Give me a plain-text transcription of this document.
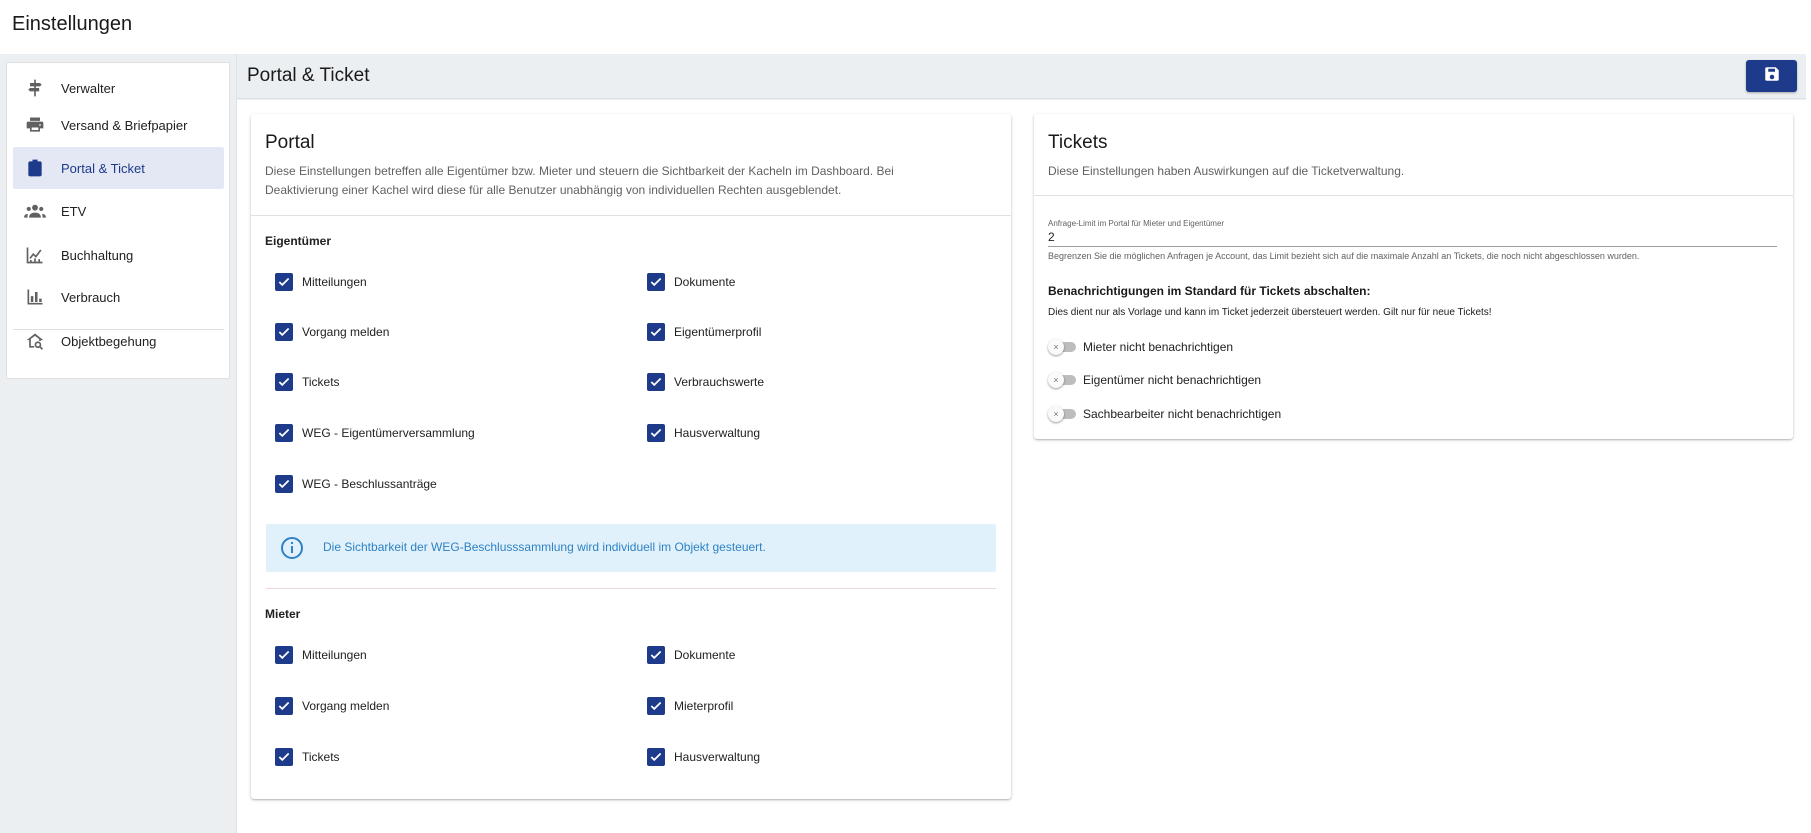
Einstellungen
Verwalter
Versand & Briefpapier
Portal & Ticket
ETV
Buchhaltung
Verbrauch
Objektbegehung
Portal & Ticket
Portal
Diese Einstellungen betreffen alle Eigentümer bzw. Mieter und steuern die Sichtbarkeit der Kacheln im Dashboard. Bei
Deaktivierung einer Kachel wird diese für alle Benutzer unabhängig von individuellen Rechten ausgeblendet.
Eigentümer
Mitteilungen	Dokumente
Vorgang melden	Eigentümerprofil
Tickets	Verbrauchswerte
WEG - Eigentümerversammlung	Hausverwaltung
WEG - Beschlussanträge
Die Sichtbarkeit der WEG-Beschlusssammlung wird individuell im Objekt gesteuert.
Mieter
Mitteilungen	Dokumente
Vorgang melden	Mieterprofil
Tickets	Hausverwaltung
Tickets
Diese Einstellungen haben Auswirkungen auf die Ticketverwaltung.
Anfrage-Limit im Portal für Mieter und Eigentümer
2
Begrenzen Sie die möglichen Anfragen je Account, das Limit bezieht sich auf die maximale Anzahl an Tickets, die noch nicht abgeschlossen wurden.
Benachrichtigungen im Standard für Tickets abschalten:
Dies dient nur als Vorlage und kann im Ticket jederzeit übersteuert werden. Gilt nur für neue Tickets!
×	Mieter nicht benachrichtigen
×	Eigentümer nicht benachrichtigen
×	Sachbearbeiter nicht benachrichtigen
